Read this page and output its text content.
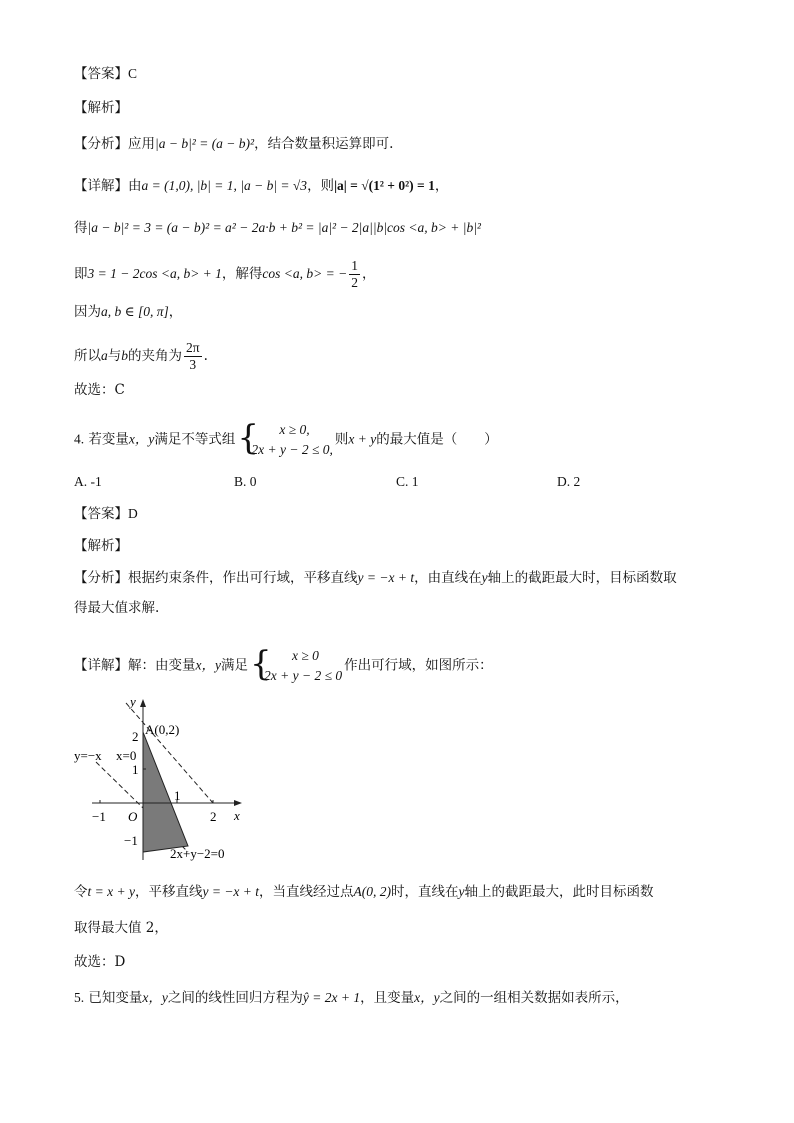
【答案】C
【解析】
【分析】应用|a − b|² = (a − b)²，结合数量积运算即可.
【详解】由a = (1,0), |b| = 1, |a − b| = √3，则|a| = √(1² + 0²) = 1，
得|a − b|² = 3 = (a − b)² = a² − 2a·b + b² = |a|² − 2|a||b|cos <a, b> + |b|²
即3 = 1 − 2cos <a, b> + 1，解得cos <a, b> = − $\frac{1}{2}$ ，
因为a, b ∈ [0, π]，
所以a与b的夹角为 $\frac{2\pi}{3}$ .
故选：C
4. 若变量x，y满足不等式组 {	x ≥ 0,
2x + y − 2 ≤ 0,
则x + y的最大值是（　　）
A. -1	B. 0	C. 1	D. 2
【答案】D
【解析】
【分析】根据约束条件，作出可行域，平移直线y = −x + t，由直线在y轴上的截距最大时，目标函数取
得最大值求解.
【详解】解：由变量x，y满足 {	x ≥ 0
2x + y − 2 ≤ 0
作出可行域，如图所示：
y
x
O
A(0,2)
y=−x x=0
2x+y−2=0
2
1
−1
−1
1
2
令t = x + y，平移直线y = −x + t，当直线经过点A(0, 2)时，直线在y轴上的截距最大，此时目标函数
取得最大值 2，
故选：D
5. 已知变量x，y之间的线性回归方程为ŷ = 2x + 1，且变量x，y之间的一组相关数据如表所示，
